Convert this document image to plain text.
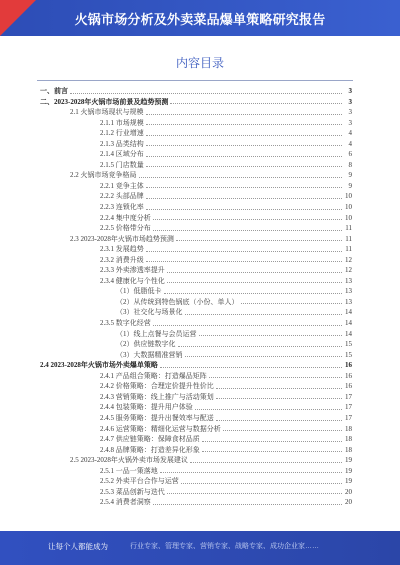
火锅市场分析及外卖菜品爆单策略研究报告
内容目录
一、前言	3
二、2023-2028年火锅市场前景及趋势预测	3
2.1 火锅市场现状与规模	3
2.1.1 市场规模	3
2.1.2 行业增速	4
2.1.3 品类结构	4
2.1.4 区域分布	6
2.1.5 门店数量	8
2.2 火锅市场竞争格局	9
2.2.1 竞争主体	9
2.2.2 头部品牌	10
2.2.3 连锁化率	10
2.2.4 集中度分析	10
2.2.5 价格带分布	11
2.3 2023-2028年火锅市场趋势预测	11
2.3.1 发展趋势	11
2.3.2 消费升级	12
2.3.3 外卖渗透率提升	12
2.3.4 健康化与个性化	13
（1）低脂低卡	13
（2）从传统到特色锅底（小份、单人）	13
（3）社交化与场景化	14
2.3.5 数字化经营	14
（1）线上点餐与会员运营	14
（2）供应链数字化	15
（3）大数据精准营销	15
2.4 2023-2028年火锅市场外卖爆单策略	16
2.4.1 产品组合策略：打造爆品矩阵	16
2.4.2 价格策略：合理定价提升性价比	16
2.4.3 营销策略：线上推广与活动策划	17
2.4.4 包装策略：提升用户体验	17
2.4.5 服务策略：提升出餐效率与配送	17
2.4.6 运营策略：精细化运营与数据分析	18
2.4.7 供应链策略：保障食材品质	18
2.4.8 品牌策略：打造差异化形象	18
2.5 2023-2028年火锅外卖市场发展建议	19
2.5.1 一品一策落地	19
2.5.2 外卖平台合作与运营	19
2.5.3 菜品创新与迭代	20
2.5.4 消费者洞察	20
让每个人都能成为	行业专家、管理专家、营销专家、战略专家、成功企业家……
